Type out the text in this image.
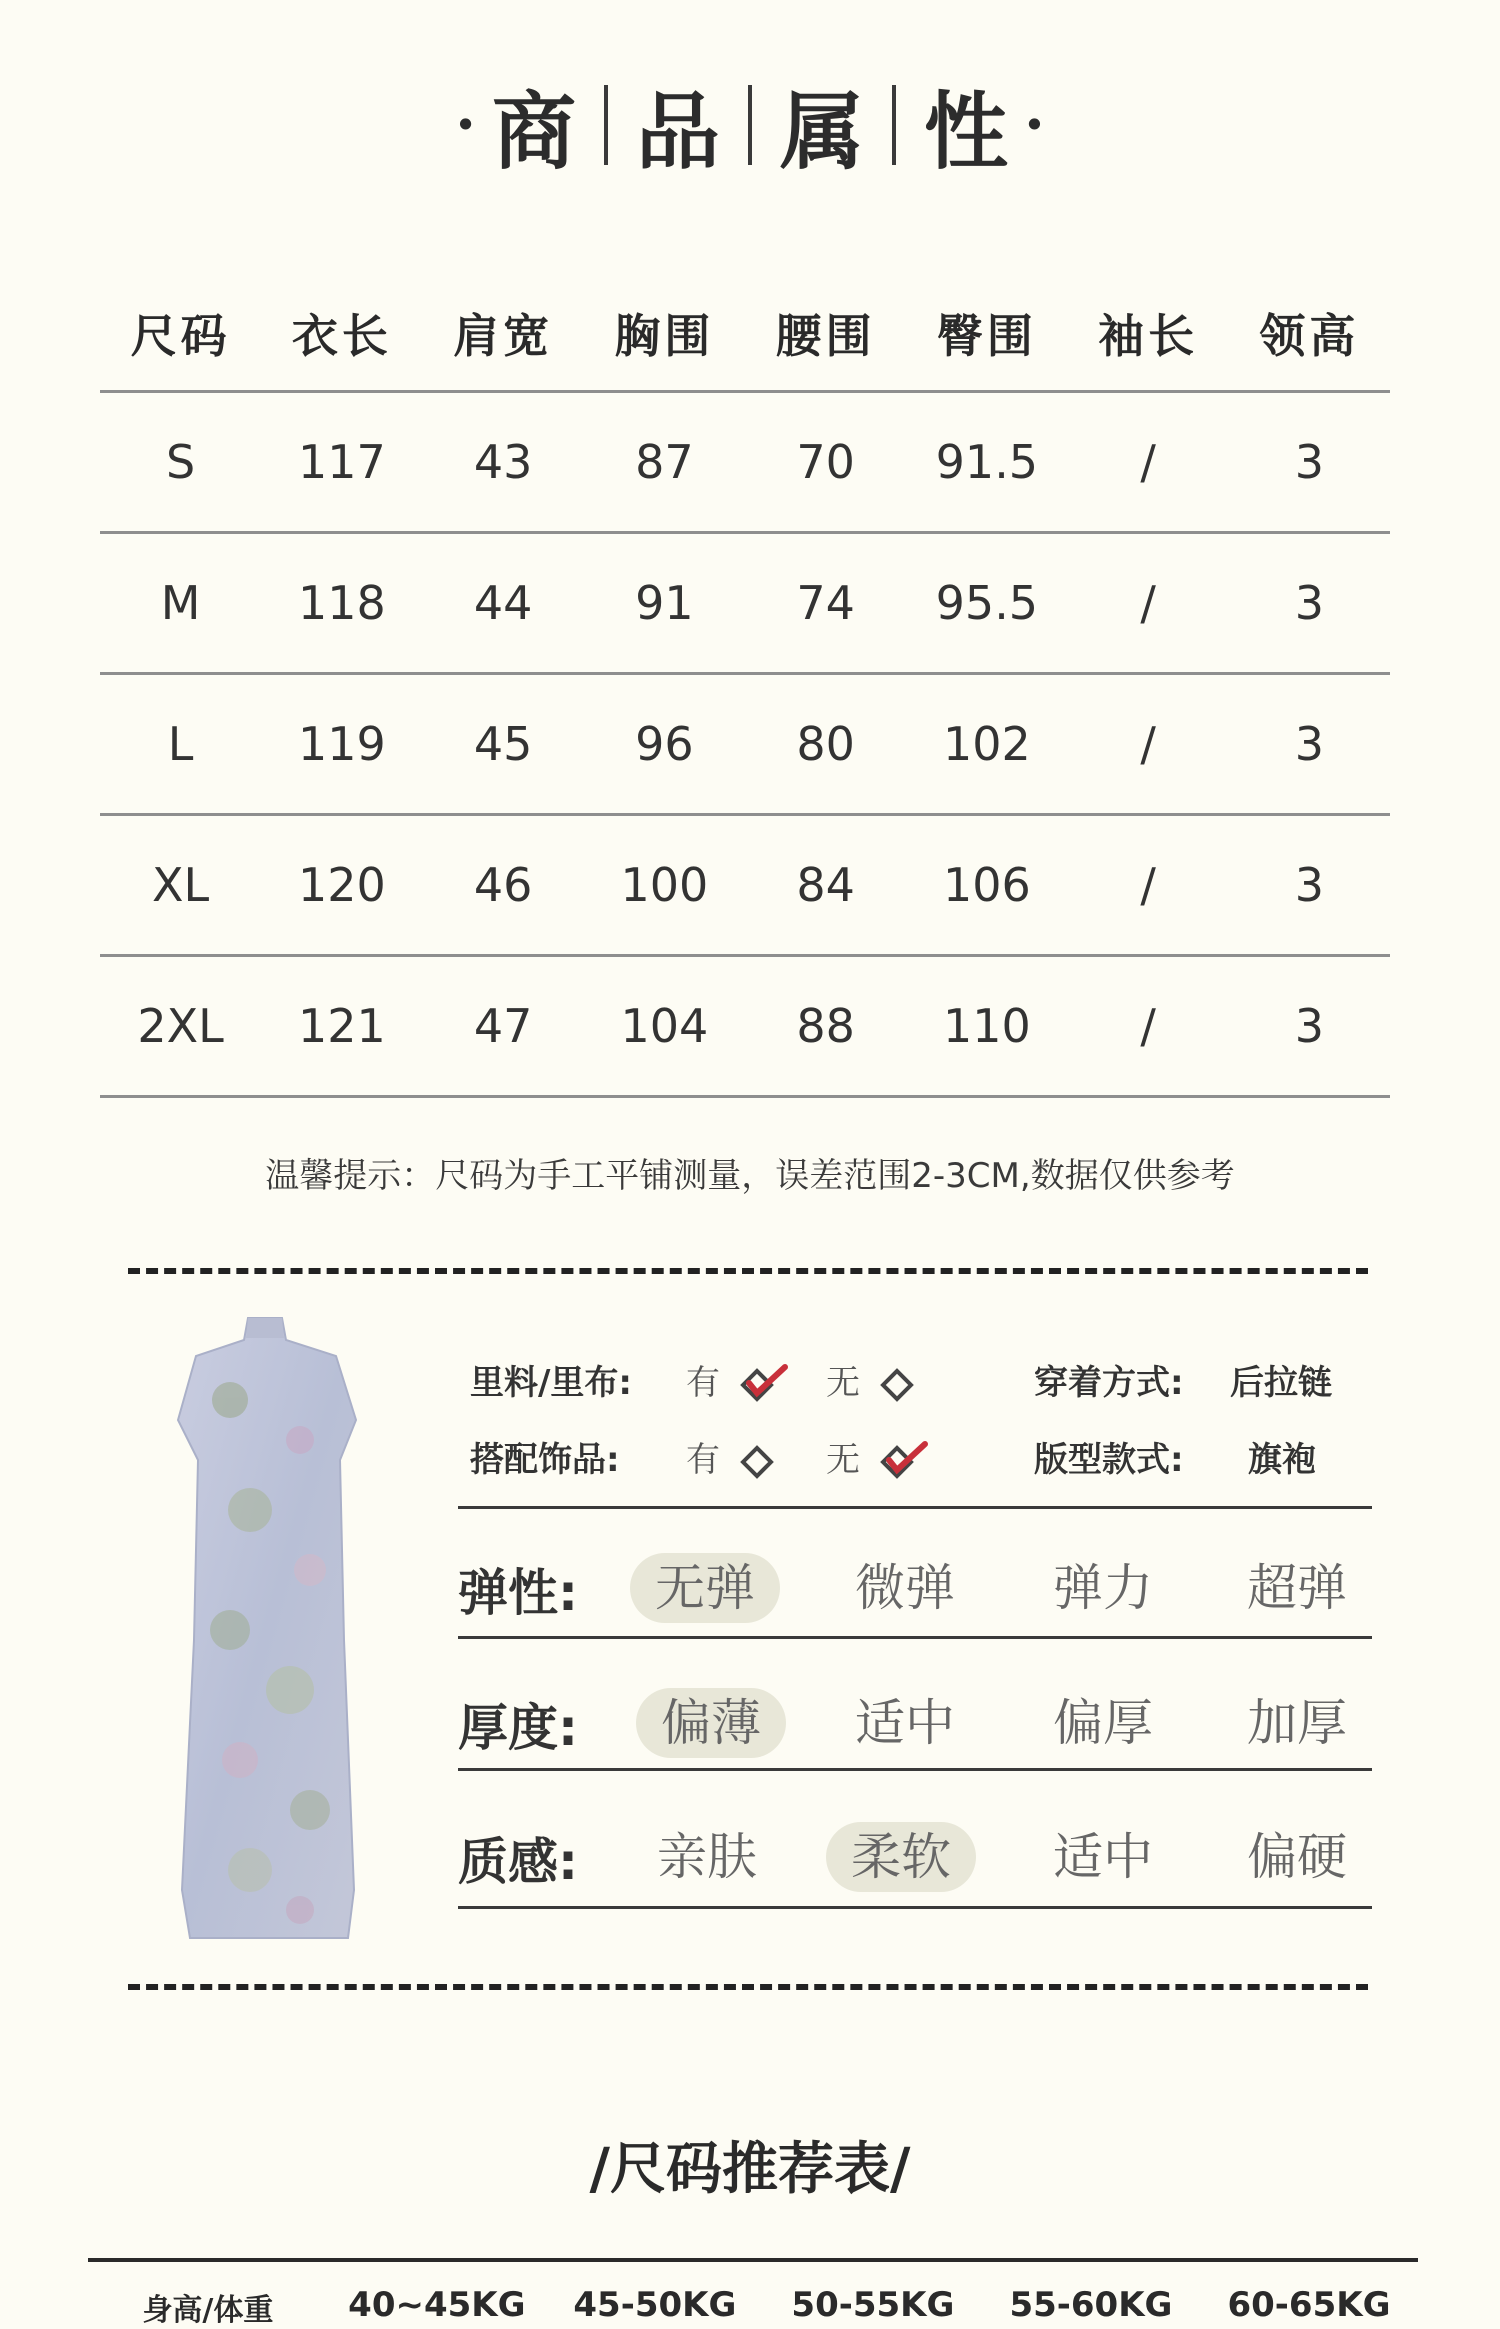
· 商 品 属 性 ·
尺码	衣长	肩宽	胸围	腰围	臀围	袖长	领高
S	117	43	87	70	91.5	/	3
M	118	44	91	74	95.5	/	3
L	119	45	96	80	102	/	3
XL	120	46	100	84	106	/	3
2XL	121	47	104	88	110	/	3
温馨提示：尺码为手工平铺测量，误差范围2-3CM,数据仅供参考
里料/里布: 有	无	穿着方式: 后拉链
搭配饰品: 有	无	版型款式: 旗袍
弹性:	无弹	微弹	弹力	超弹
厚度:	偏薄	适中	偏厚	加厚
质感:	亲肤	柔软	适中	偏硬
/尺码推荐表/
身高/体重	40~45KG	45-50KG	50-55KG	55-60KG	60-65KG
